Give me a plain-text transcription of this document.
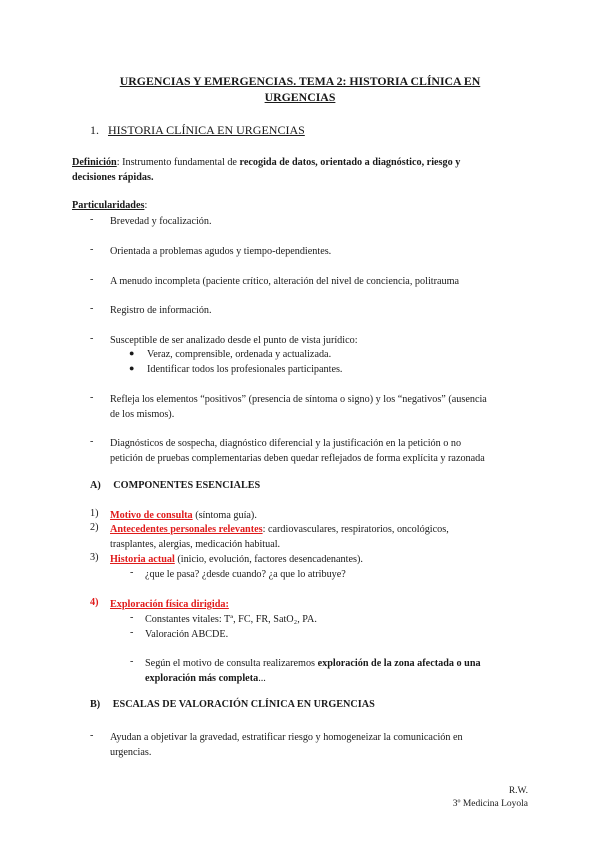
URGENCIAS Y EMERGENCIAS. TEMA 2: HISTORIA CLÍNICA EN
URGENCIAS
1. HISTORIA CLÍNICA EN URGENCIAS
Definición: Instrumento fundamental de recogida de datos, orientado a diagnóstico, riesgo y
decisiones rápidas.
Particularidades:
- Brevedad y focalización.
- Orientada a problemas agudos y tiempo-dependientes.
- A menudo incompleta (paciente crítico, alteración del nivel de conciencia, politrauma
- Registro de información.
- Susceptible de ser analizado desde el punto de vista jurídico:
● Veraz, comprensible, ordenada y actualizada.
● Identificar todos los profesionales participantes.
- Refleja los elementos “positivos” (presencia de síntoma o signo) y los “negativos” (ausencia
de los mismos).
- Diagnósticos de sospecha, diagnóstico diferencial y la justificación en la petición o no
petición de pruebas complementarias deben quedar reflejados de forma explícita y razonada
A) COMPONENTES ESENCIALES
1) Motivo de consulta (síntoma guía).
2) Antecedentes personales relevantes: cardiovasculares, respiratorios, oncológicos,
trasplantes, alergias, medicación habitual.
3) Historia actual (inicio, evolución, factores desencadenantes).
- ¿que le pasa? ¿desde cuando? ¿a que lo atribuye?
4) Exploración física dirigida:
- Constantes vitales: Tª, FC, FR, SatO₂, PA.
- Valoración ABCDE.
- Según el motivo de consulta realizaremos exploración de la zona afectada o una
exploración más completa...
B) ESCALAS DE VALORACIÓN CLÍNICA EN URGENCIAS
- Ayudan a objetivar la gravedad, estratificar riesgo y homogeneizar la comunicación en
urgencias.
R.W.
3º Medicina Loyola
